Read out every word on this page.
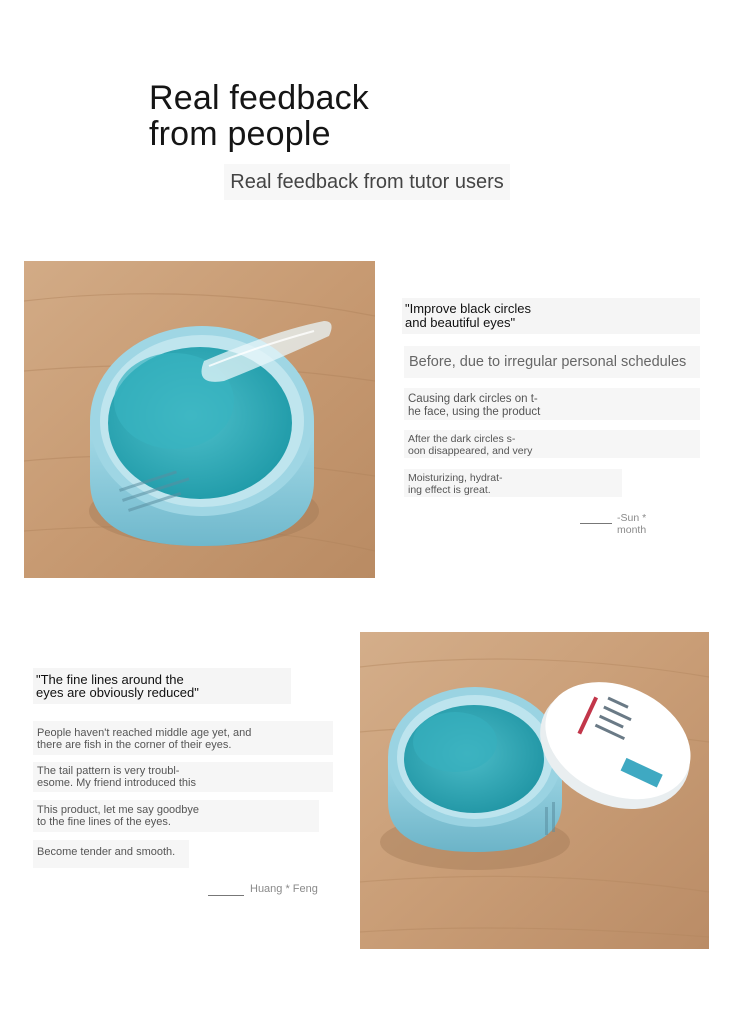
Real feedback
from people
Real feedback from tutor users
"Improve black circles
and beautiful eyes"
Before, due to irregular personal schedules
Causing dark circles on t-
he face, using the product
After the dark circles s-
oon disappeared, and very
Moisturizing, hydrat-
ing effect is great.
-Sun *
month
"The fine lines around the
eyes are obviously reduced"
People haven't reached middle age yet, and
there are fish in the corner of their eyes.
The tail pattern is very troubl-
esome. My friend introduced this
This product, let me say goodbye
to the fine lines of the eyes.
Become tender and smooth.
Huang * Feng
